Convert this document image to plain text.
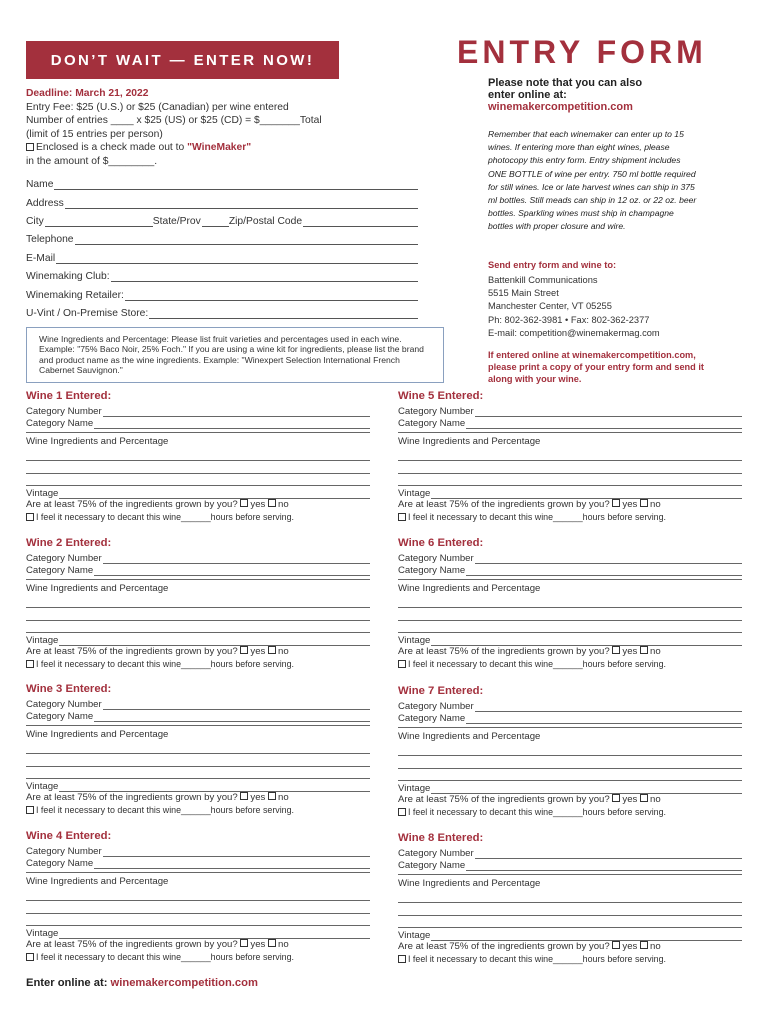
DON’T WAIT — ENTER NOW!	ENTRY FORM
Deadline: March 21, 2022
Entry Fee: $25 (U.S.) or $25 (Canadian) per wine entered
Number of entries ____ x $25 (US) or $25 (CD) = $_______Total
(limit of 15 entries per person)
Enclosed is a check made out to "WineMaker"
in the amount of $________.
Name
Address
City	State/Prov	Zip/Postal Code
Telephone
E-Mail
Winemaking Club:
Winemaking Retailer:
U-Vint / On-Premise Store:
Wine Ingredients and Percentage: Please list fruit varieties and percentages used in each wine. Example: "75% Baco Noir, 25% Foch." If you are using a wine kit for ingredients, please list the brand and product name as the wine ingredients. Example: "Winexpert Selection International French Cabernet Sauvignon."
Please note that you can also
enter online at:
winemakercompetition.com
Remember that each winemaker can enter up to 15 wines. If entering more than eight wines, please photocopy this entry form. Entry shipment includes ONE BOTTLE of wine per entry. 750 ml bottle required for still wines. Ice or late harvest wines can ship in 375 ml bottles. Still meads can ship in 12 oz. or 22 oz. beer bottles. Sparkling wines must ship in champagne bottles with proper closure and wire.
Send entry form and wine to:
Battenkill Communications
5515 Main Street
Manchester Center, VT 05255
Ph: 802-362-3981 • Fax: 802-362-2377
E-mail: competition@winemakermag.com
If entered online at winemakercompetition.com, please print a copy of your entry form and send it along with your wine.
Wine 1 Entered:
Category Number
Category Name
Wine Ingredients and Percentage
Vintage
Are at least 75% of the ingredients grown by you? yes no
I feel it necessary to decant this wine______hours before serving.
Wine 2 Entered:
Category Number
Category Name
Wine Ingredients and Percentage
Vintage
Are at least 75% of the ingredients grown by you? yes no
I feel it necessary to decant this wine______hours before serving.
Wine 3 Entered:
Category Number
Category Name
Wine Ingredients and Percentage
Vintage
Are at least 75% of the ingredients grown by you? yes no
I feel it necessary to decant this wine______hours before serving.
Wine 4 Entered:
Category Number
Category Name
Wine Ingredients and Percentage
Vintage
Are at least 75% of the ingredients grown by you? yes no
I feel it necessary to decant this wine______hours before serving.
Wine 5 Entered:
Category Number
Category Name
Wine Ingredients and Percentage
Vintage
Are at least 75% of the ingredients grown by you? yes no
I feel it necessary to decant this wine______hours before serving.
Wine 6 Entered:
Category Number
Category Name
Wine Ingredients and Percentage
Vintage
Are at least 75% of the ingredients grown by you? yes no
I feel it necessary to decant this wine______hours before serving.
Wine 7 Entered:
Category Number
Category Name
Wine Ingredients and Percentage
Vintage
Are at least 75% of the ingredients grown by you? yes no
I feel it necessary to decant this wine______hours before serving.
Wine 8 Entered:
Category Number
Category Name
Wine Ingredients and Percentage
Vintage
Are at least 75% of the ingredients grown by you? yes no
I feel it necessary to decant this wine______hours before serving.
Enter online at: winemakercompetition.com
